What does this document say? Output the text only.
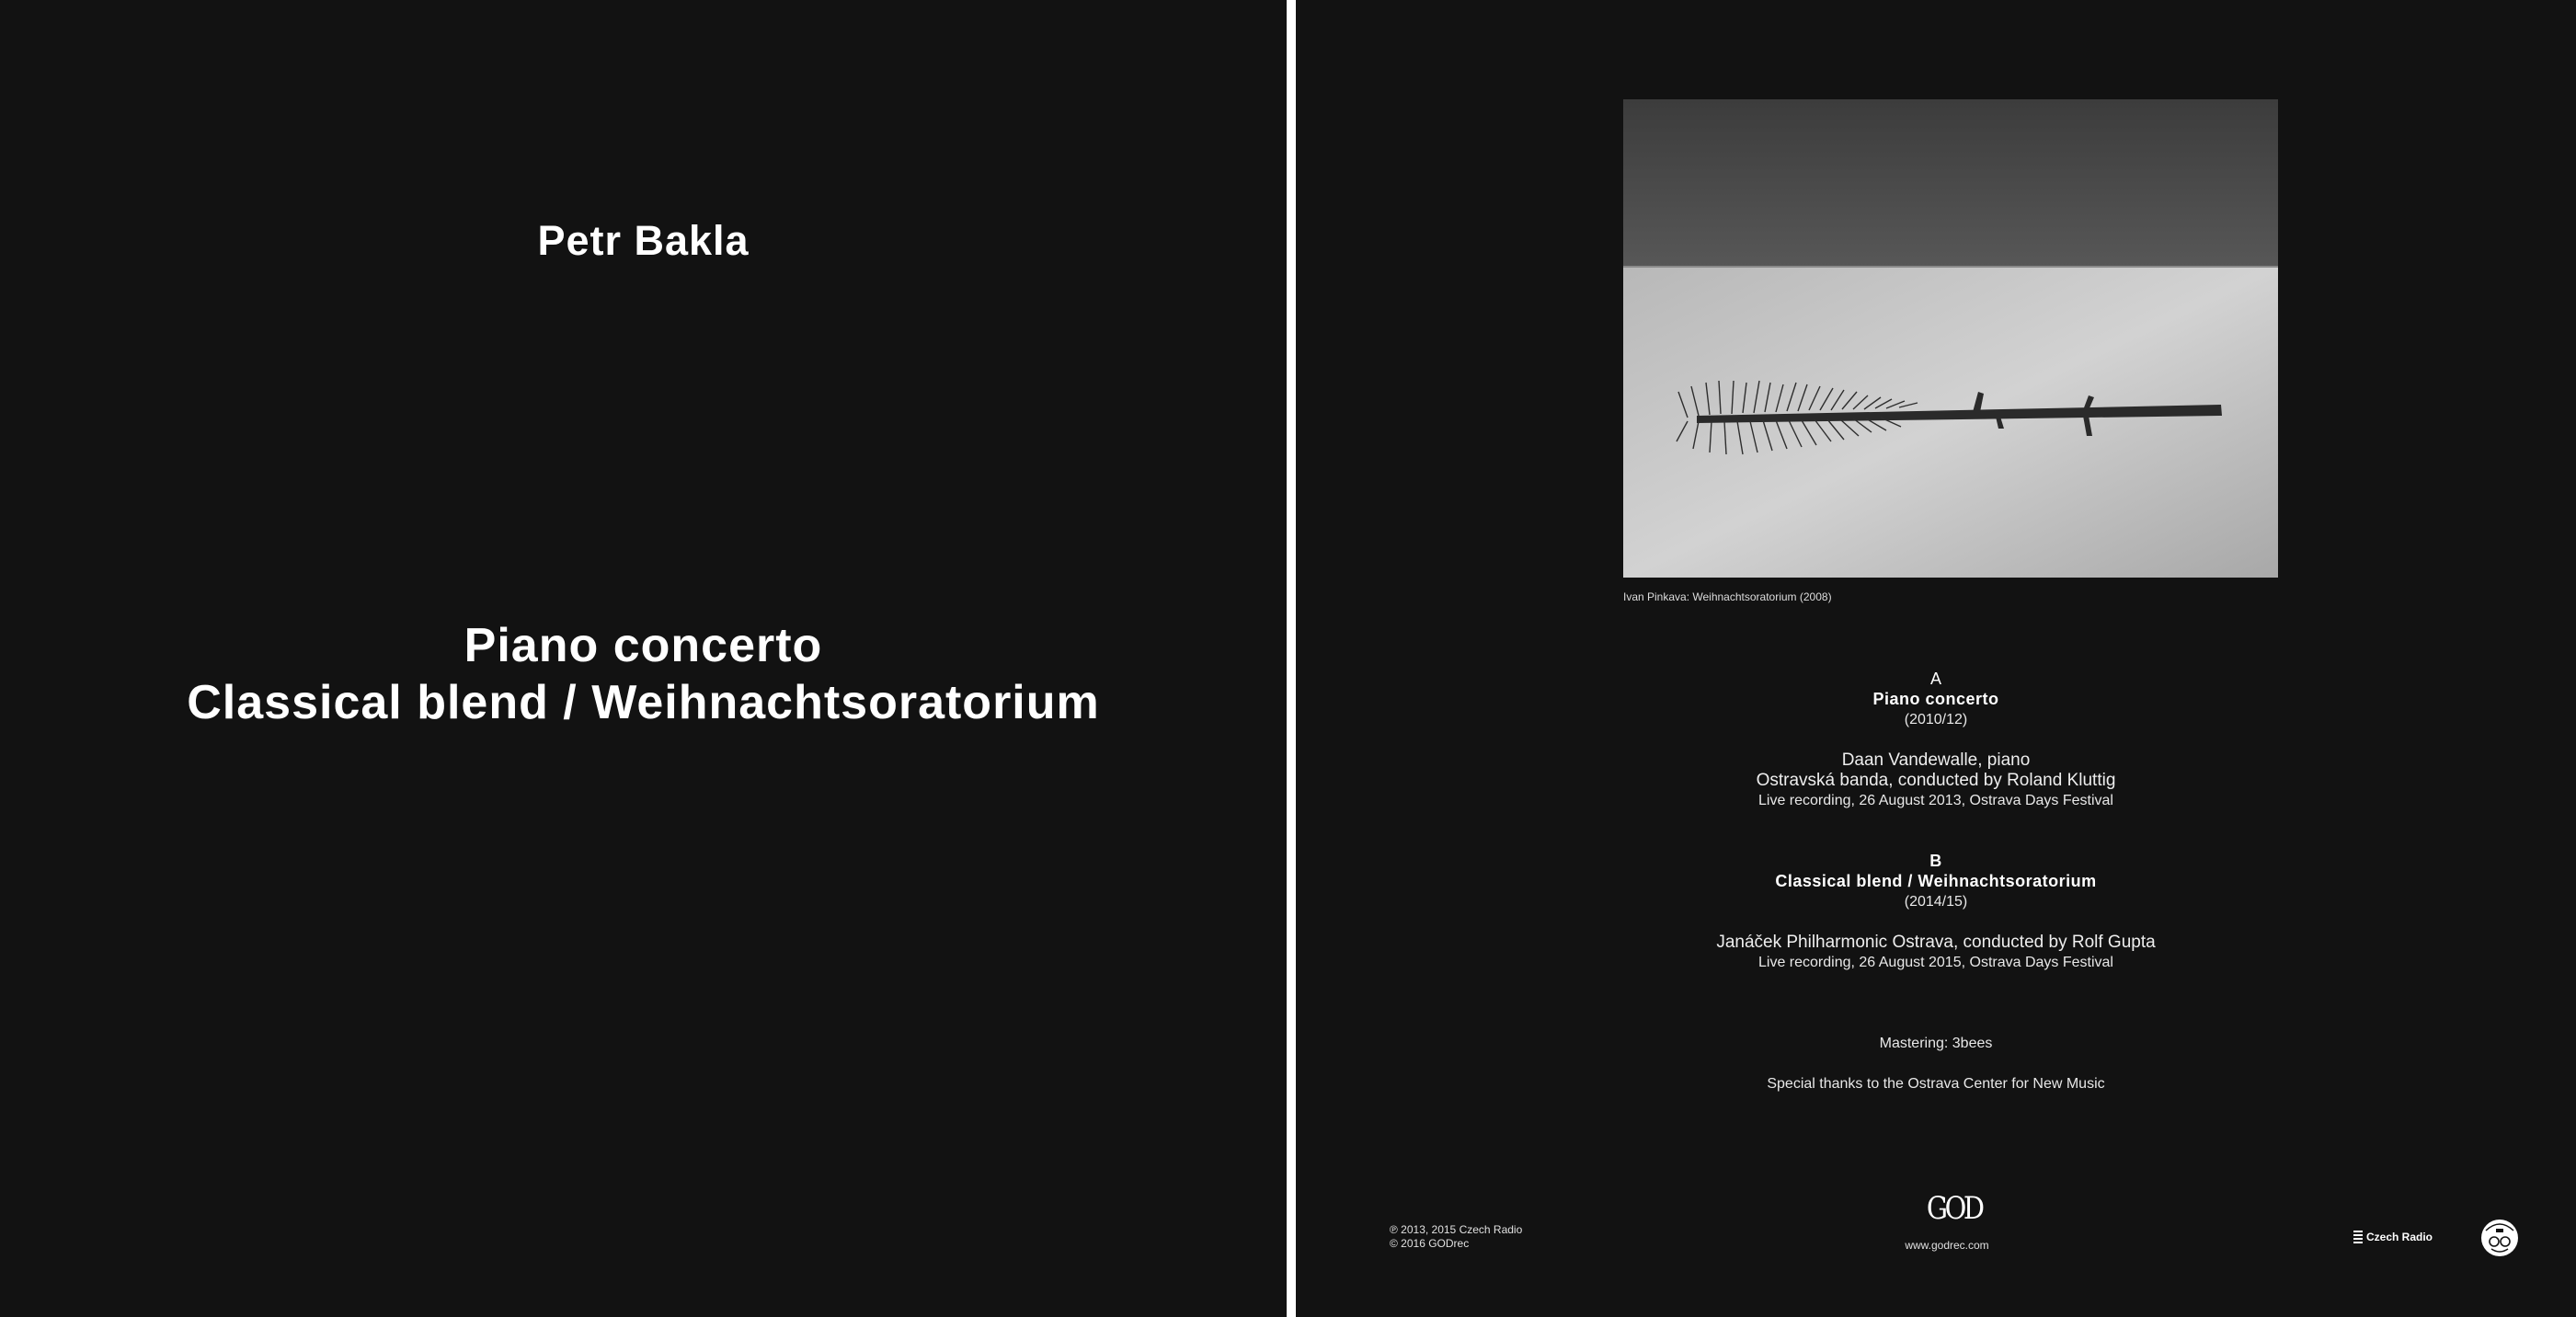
Petr Bakla
Piano concerto
Classical blend / Weihnachtsoratorium
Ivan Pinkava: Weihnachtsoratorium (2008)
A
Piano concerto
(2010/12)
Daan Vandewalle, piano
Ostravská banda, conducted by Roland Kluttig
Live recording, 26 August 2013, Ostrava Days Festival
B
Classical blend / Weihnachtsoratorium
(2014/15)
Janáček Philharmonic Ostrava, conducted by Rolf Gupta
Live recording, 26 August 2015, Ostrava Days Festival
Mastering: 3bees
Special thanks to the Ostrava Center for New Music
℗ 2013, 2015 Czech Radio
© 2016 GODrec
GOD
www.godrec.com
Czech Radio
